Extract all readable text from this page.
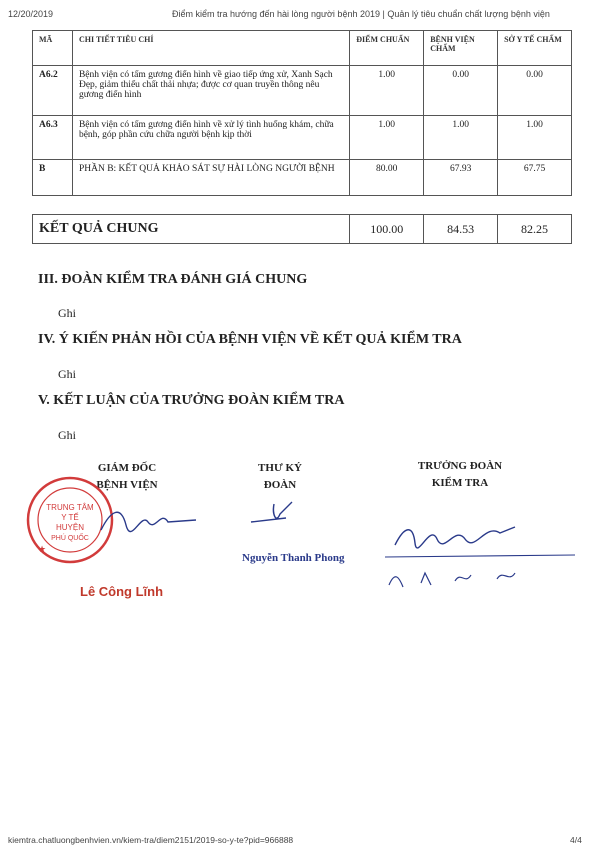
12/20/2019	Điểm kiểm tra hướng đến hài lòng người bệnh 2019 | Quản lý tiêu chuẩn chất lượng bệnh viện
MÃ	CHI TIẾT TIÊU CHÍ	ĐIỂM CHUẨN	BỆNH VIỆN CHẤM	SỞ Y TẾ CHẤM
A6.2	Bệnh viện có tấm gương điển hình về giao tiếp ứng xử, Xanh Sạch Đẹp, giảm thiểu chất thải nhựa; được cơ quan truyền thông nêu gương điển hình	1.00	0.00	0.00
A6.3	Bệnh viện có tấm gương điển hình về xử lý tình huống khám, chữa bệnh, góp phần cứu chữa người bệnh kịp thời	1.00	1.00	1.00
B	PHẦN B: KẾT QUẢ KHẢO SÁT SỰ HÀI LÒNG NGƯỜI BỆNH	80.00	67.93	67.75
KẾT QUẢ CHUNG	100.00	84.53	82.25
III. ĐOÀN KIỂM TRA ĐÁNH GIÁ CHUNG
Ghi
IV. Ý KIẾN PHẢN HỒI CỦA BỆNH VIỆN VỀ KẾT QUẢ KIỂM TRA
Ghi
V. KẾT LUẬN CỦA TRƯỞNG ĐOÀN KIỂM TRA
Ghi
GIÁM ĐỐC
BỆNH VIỆN
THƯ KÝ
ĐOÀN
TRƯỞNG ĐOÀN
KIỂM TRA
TRUNG TÂM
Y TẾ
HUYỆN
PHÚ QUỐC
★
Lê Công Lĩnh
Nguyễn Thanh Phong
kiemtra.chatluongbenhvien.vn/kiem-tra/diem2151/2019-so-y-te?pid=966888	4/4
